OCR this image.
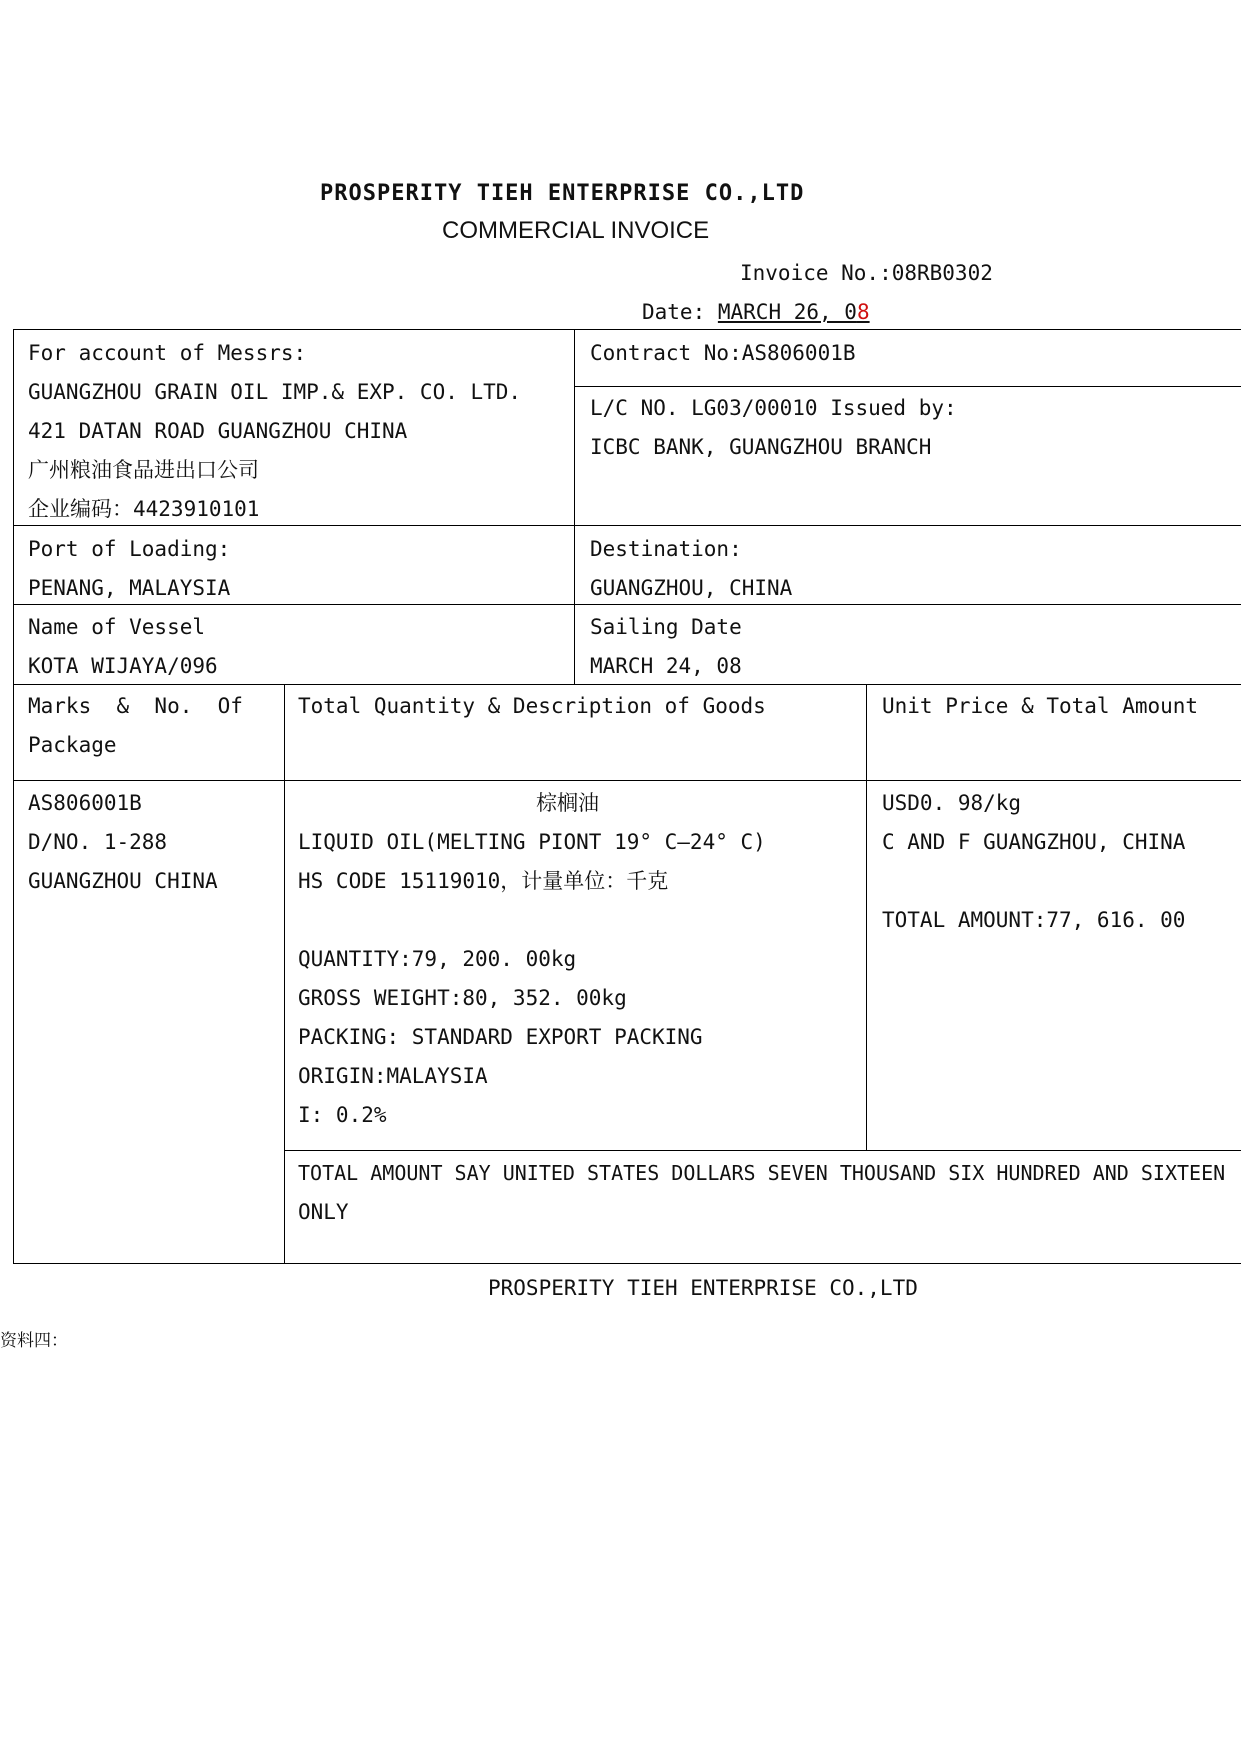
PROSPERITY TIEH ENTERPRISE CO.,LTD
COMMERCIAL INVOICE
Invoice No.:08RB0302
Date: MARCH 26, 08
For account of Messrs:
GUANGZHOU GRAIN OIL IMP.& EXP. CO. LTD.
421 DATAN ROAD GUANGZHOU CHINA
广州粮油食品进出口公司
企业编码：4423910101
Contract No:AS806001B
L/C NO. LG03/00010 Issued by:
ICBC BANK, GUANGZHOU BRANCH
Port of Loading:
PENANG, MALAYSIA
Destination:
GUANGZHOU, CHINA
Name of Vessel
KOTA WIJAYA/096
Sailing Date
MARCH 24, 08
Marks  &  No.  Of
Package
Total Quantity & Description of Goods	Unit Price & Total Amount
AS806001B
D/NO. 1-288
GUANGZHOU CHINA
棕榈油
LIQUID OIL(MELTING PIONT 19° C—24° C)
HS CODE 15119010，计量单位：千克
QUANTITY:79, 200. 00kg
GROSS WEIGHT:80, 352. 00kg
PACKING: STANDARD EXPORT PACKING
ORIGIN:MALAYSIA
I: 0.2%
USD0. 98/kg
C AND F GUANGZHOU, CHINA
TOTAL AMOUNT:77, 616. 00
TOTAL AMOUNT SAY UNITED STATES DOLLARS SEVEN THOUSAND SIX HUNDRED AND SIXTEEN
ONLY
PROSPERITY TIEH ENTERPRISE CO.,LTD
资料四：
